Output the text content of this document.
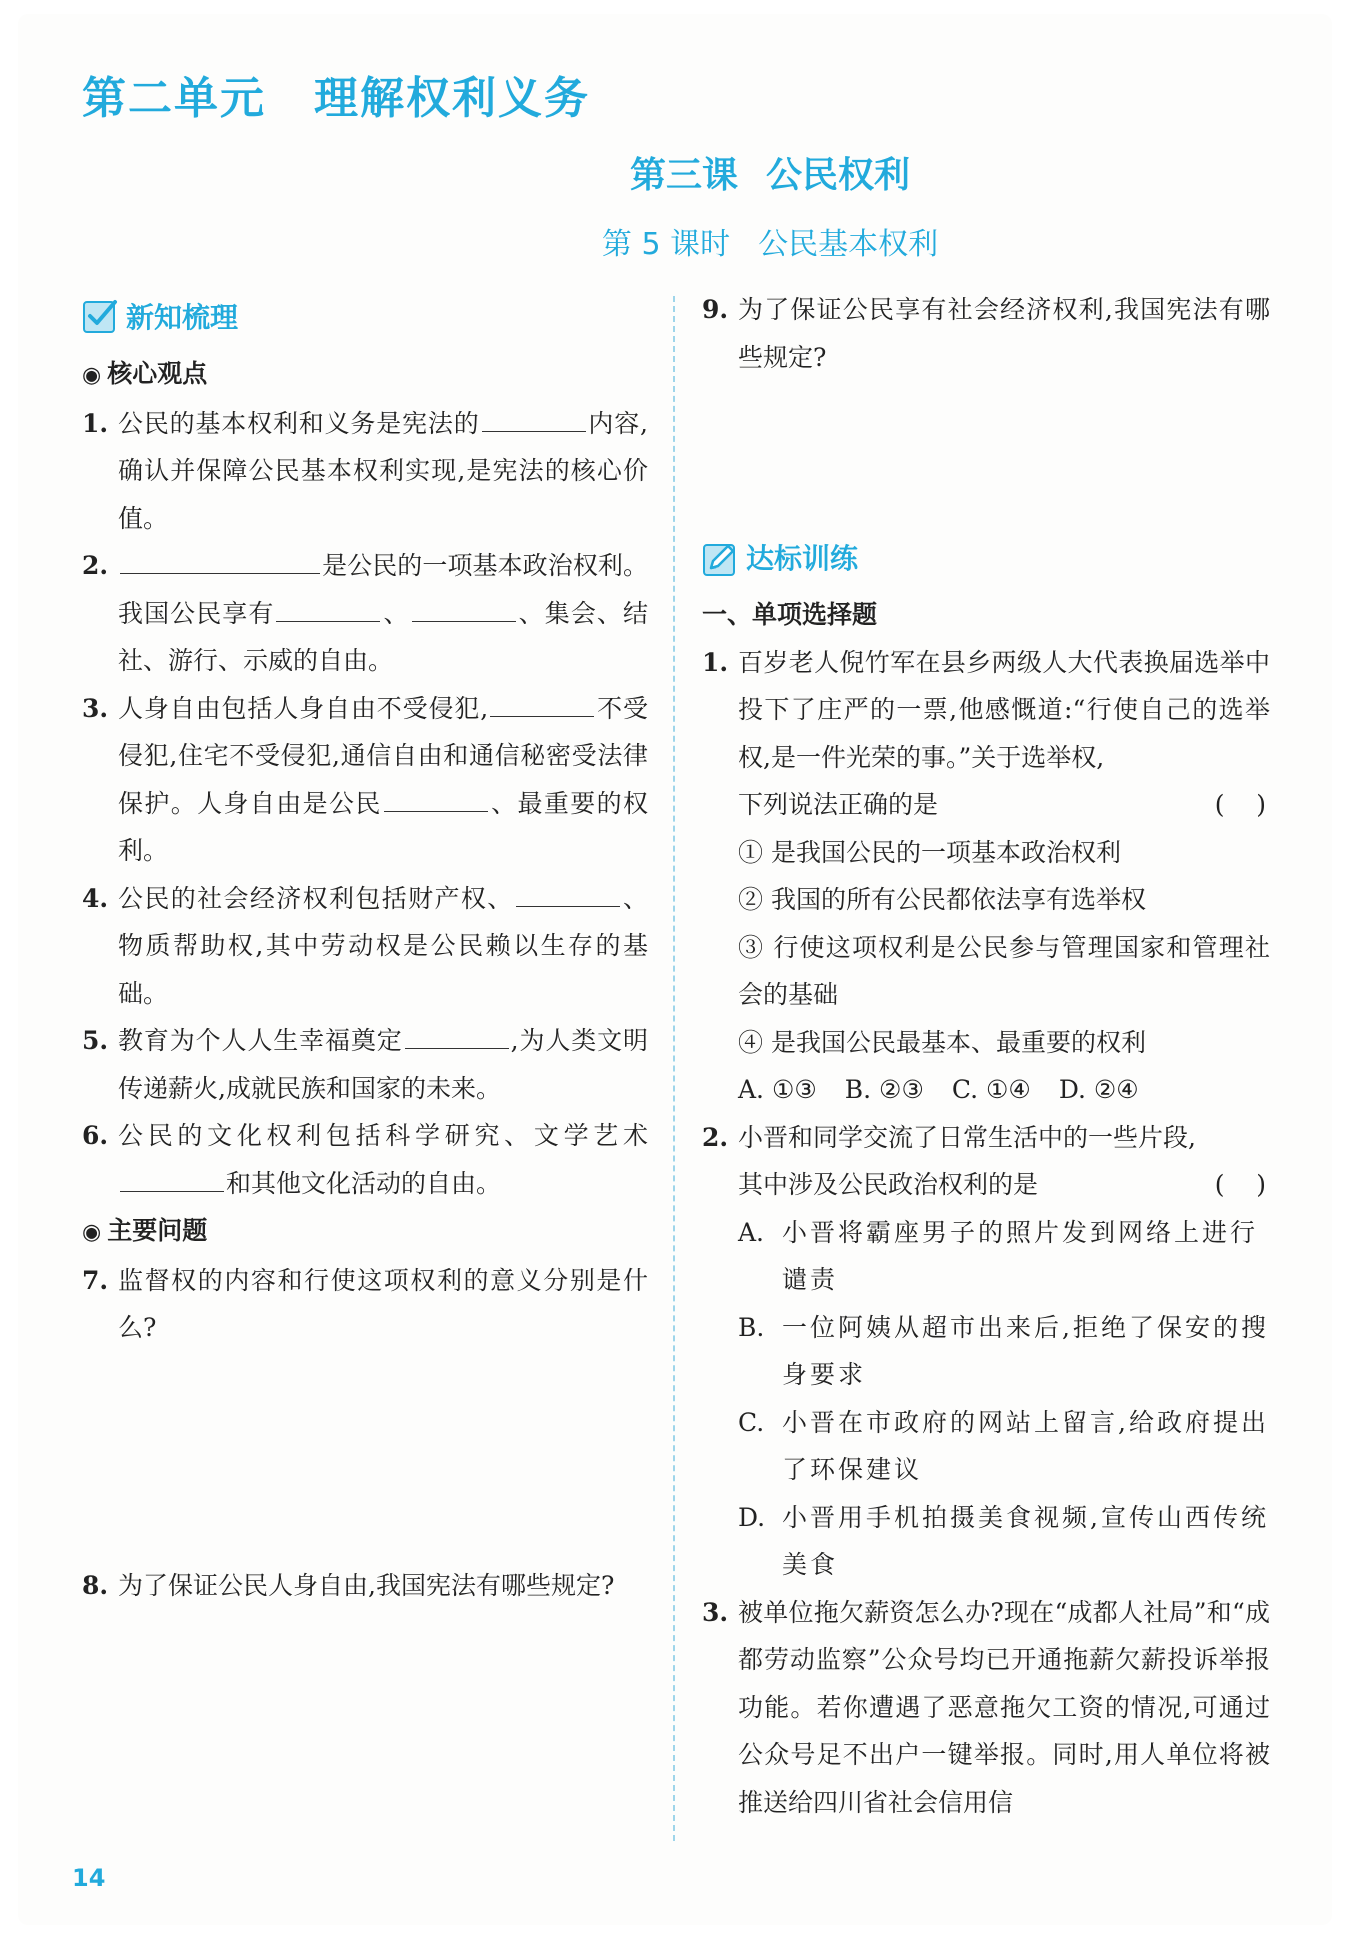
第二单元 理解权利义务
第三课 公民权利
第 5 课时 公民基本权利
新知梳理
◉ 核心观点
1. 公民的基本权利和义务是宪法的	内容,确认并保障公民基本权利实现,是宪法的核心价值。
2.	是公民的一项基本政治权利。我国公民享有	、	、集会、结社、游行、示威的自由。
3. 人身自由包括人身自由不受侵犯,	不受侵犯,住宅不受侵犯,通信自由和通信秘密受法律保护。人身自由是公民	、最重要的权利。
4. 公民的社会经济权利包括财产权、	、物质帮助权,其中劳动权是公民赖以生存的基础。
5. 教育为个人人生幸福奠定	,为人类文明传递薪火,成就民族和国家的未来。
6. 公民的文化权利包括科学研究、文学艺术和其他文化活动的自由。
◉ 主要问题
7. 监督权的内容和行使这项权利的意义分别是什么?
8. 为了保证公民人身自由,我国宪法有哪些规定?
9. 为了保证公民享有社会经济权利,我国宪法有哪些规定?
达标训练
一、单项选择题
1. 百岁老人倪竹军在县乡两级人大代表换届选举中投下了庄严的一票,他感慨道:“行使自己的选举权,是一件光荣的事。”关于选举权,
下列说法正确的是	(    )
① 是我国公民的一项基本政治权利
② 我国的所有公民都依法享有选举权
③ 行使这项权利是公民参与管理国家和管理社会的基础
④ 是我国公民最基本、最重要的权利
A. ①③ B. ②③ C. ①④ D. ②④
2. 小晋和同学交流了日常生活中的一些片段,
其中涉及公民政治权利的是	(    )
A. 小晋将霸座男子的照片发到网络上进行谴责
B. 一位阿姨从超市出来后,拒绝了保安的搜身要求
C. 小晋在市政府的网站上留言,给政府提出了环保建议
D. 小晋用手机拍摄美食视频,宣传山西传统美食
3. 被单位拖欠薪资怎么办?现在“成都人社局”和“成都劳动监察”公众号均已开通拖薪欠薪投诉举报功能。若你遭遇了恶意拖欠工资的情况,可通过公众号足不出户一键举报。同时,用人单位将被推送给四川省社会信用信
14
